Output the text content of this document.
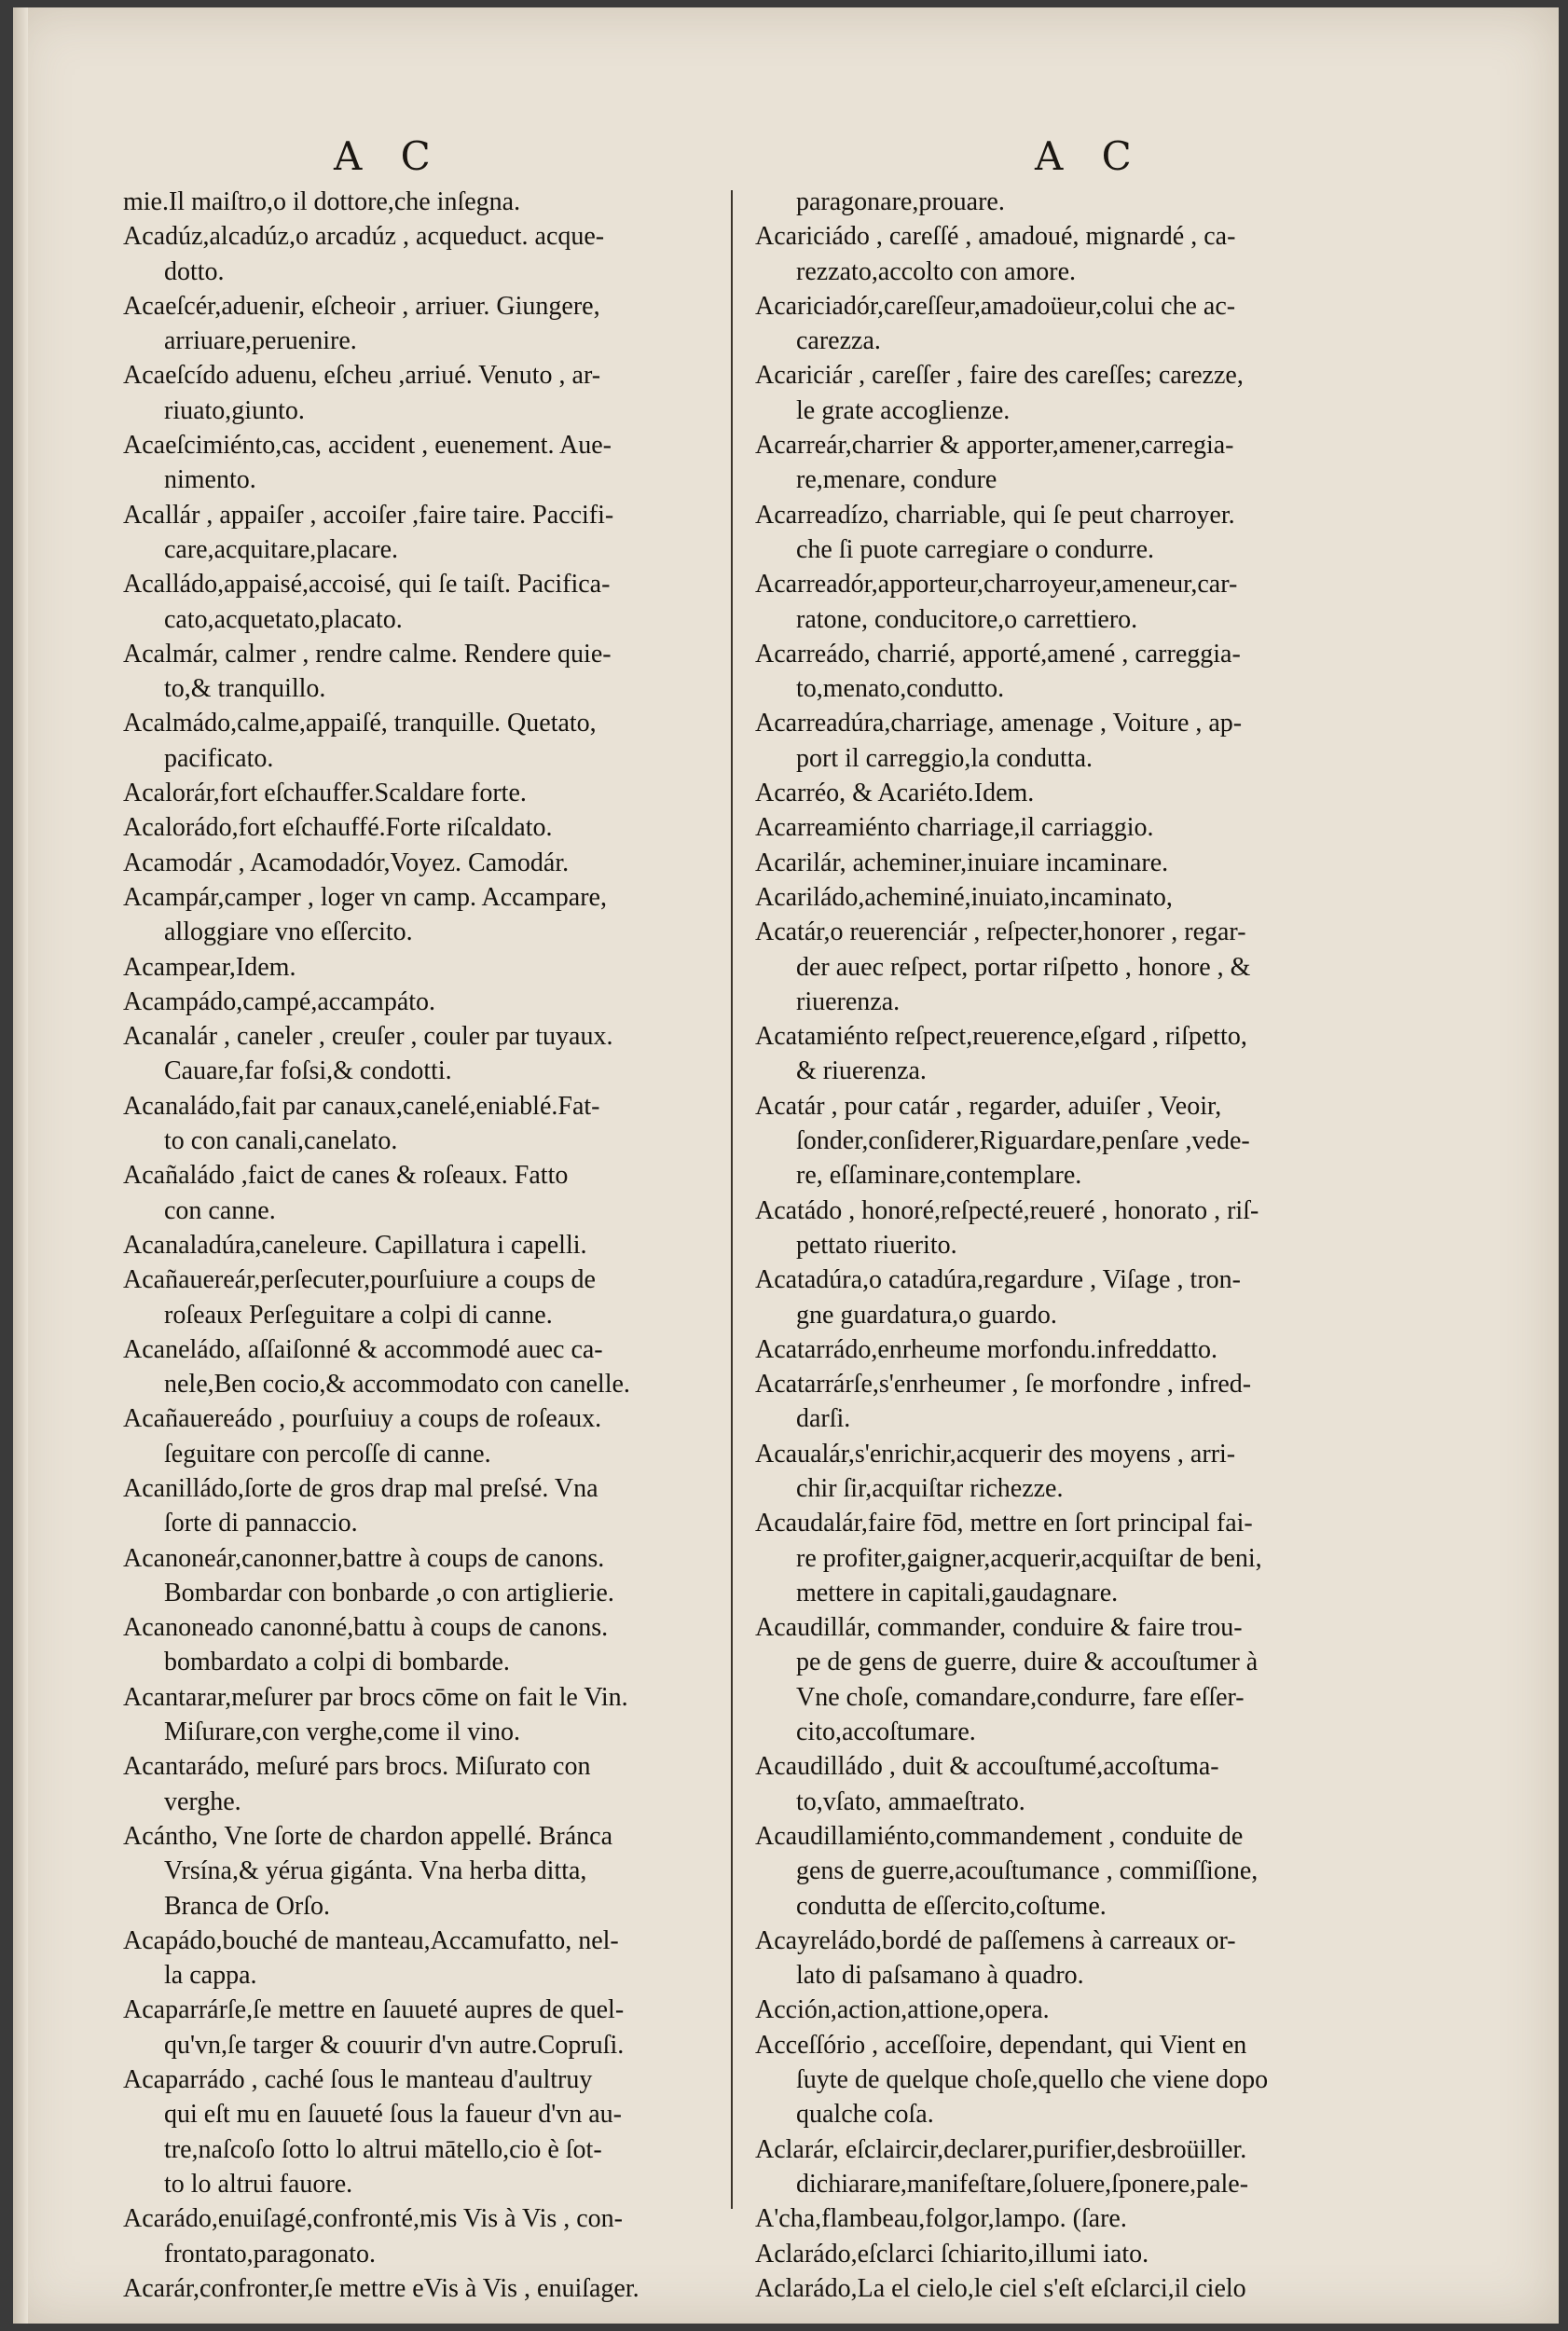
A C	A C
mie.Il maiſtro,o il dottore,che inſegna.
Acadúz,alcadúz,o arcadúz , acqueduct. acque-
dotto.
Acaeſcér,aduenir, eſcheoir , arriuer. Giungere,
arriuare,peruenire.
Acaeſcído aduenu, eſcheu ,arriué. Venuto , ar-
riuato,giunto.
Acaeſcimiénto,cas, accident , euenement. Aue-
nimento.
Acallár , appaiſer , accoiſer ,faire taire. Paccifi-
care,acquitare,placare.
Acalládo,appaisé,accoisé, qui ſe taiſt. Pacifica-
cato,acquetato,placato.
Acalmár, calmer , rendre calme. Rendere quie-
to,& tranquillo.
Acalmádo,calme,appaiſé, tranquille. Quetato,
pacificato.
Acalorár,fort eſchauffer.Scaldare forte.
Acalorádo,fort eſchauffé.Forte riſcaldato.
Acamodár , Acamodadór,Voyez. Camodár.
Acampár,camper , loger vn camp. Accampare,
alloggiare vno eſſercito.
Acampear,Idem.
Acampádo,campé,accampáto.
Acanalár , caneler , creuſer , couler par tuyaux.
Cauare,far foſsi,& condotti.
Acanaládo,fait par canaux,canelé,eniablé.Fat-
to con canali,canelato.
Acañaládo ,faict de canes & roſeaux. Fatto
con canne.
Acanaladúra,caneleure. Capillatura i capelli.
Acañauereár,perſecuter,pourſuiure a coups de
roſeaux Perſeguitare a colpi di canne.
Acaneládo, aſſaiſonné & accommodé auec ca-
nele,Ben cocio,& accommodato con canelle.
Acañauereádo , pourſuiuy a coups de roſeaux.
ſeguitare con percoſſe di canne.
Acanilládo,ſorte de gros drap mal preſsé. Vna
ſorte di pannaccio.
Acanoneár,canonner,battre à coups de canons.
Bombardar con bonbarde ,o con artiglierie.
Acanoneado canonné,battu à coups de canons.
bombardato a colpi di bombarde.
Acantarar,meſurer par brocs cōme on fait le Vin.
Miſurare,con verghe,come il vino.
Acantarádo, meſuré pars brocs. Miſurato con
verghe.
Acántho, Vne ſorte de chardon appellé. Bránca
Vrsína,& yérua gigánta. Vna herba ditta,
Branca de Orſo.
Acapádo,bouché de manteau,Accamufatto, nel-
la cappa.
Acaparrárſe,ſe mettre en ſauueté aupres de quel-
qu'vn,ſe targer & couurir d'vn autre.Copruſi.
Acaparrádo , caché ſous le manteau d'aultruy
qui eſt mu en ſauueté ſous la faueur d'vn au-
tre,naſcoſo ſotto lo altrui mātello,cio è ſot-
to lo altrui fauore.
Acarádo,enuiſagé,confronté,mis Vis à Vis , con-
frontato,paragonato.
Acarár,confronter,ſe mettre eVis à Vis , enuiſager.
paragonare,prouare.
Acariciádo , careſſé , amadoué, mignardé , ca-
rezzato,accolto con amore.
Acariciadór,careſſeur,amadoüeur,colui che ac-
carezza.
Acariciár , careſſer , faire des careſſes; carezze,
le grate accoglienze.
Acarreár,charrier & apporter,amener,carregia-
re,menare, condure
Acarreadízo, charriable, qui ſe peut charroyer.
che ſi puote carregiare o condurre.
Acarreadór,apporteur,charroyeur,ameneur,car-
ratone, conducitore,o carrettiero.
Acarreádo, charrié, apporté,amené , carreggia-
to,menato,condutto.
Acarreadúra,charriage, amenage , Voiture , ap-
port il carreggio,la condutta.
Acarréo, & Acariéto.Idem.
Acarreamiénto charriage,il carriaggio.
Acarilár, acheminer,inuiare incaminare.
Acariládo,acheminé,inuiato,incaminato,
Acatár,o reuerenciár , reſpecter,honorer , regar-
der auec reſpect, portar riſpetto , honore , &
riuerenza.
Acatamiénto reſpect,reuerence,eſgard , riſpetto,
& riuerenza.
Acatár , pour catár , regarder, aduiſer , Veoir,
ſonder,conſiderer,Riguardare,penſare ,vede-
re, eſſaminare,contemplare.
Acatádo , honoré,reſpecté,reueré , honorato , riſ-
pettato riuerito.
Acatadúra,o catadúra,regardure , Viſage , tron-
gne guardatura,o guardo.
Acatarrádo,enrheume morfondu.infreddatto.
Acatarrárſe,s'enrheumer , ſe morfondre , infred-
darſi.
Acaualár,s'enrichir,acquerir des moyens , arri-
chir ſir,acquiſtar richezze.
Acaudalár,faire fōd, mettre en ſort principal fai-
re profiter,gaigner,acquerir,acquiſtar de beni,
mettere in capitali,gaudagnare.
Acaudillár, commander, conduire & faire trou-
pe de gens de guerre, duire & accouſtumer à
Vne choſe, comandare,condurre, fare eſſer-
cito,accoſtumare.
Acaudilládo , duit & accouſtumé,accoſtuma-
to,vſato, ammaeſtrato.
Acaudillamiénto,commandement , conduite de
gens de guerre,acouſtumance , commiſſione,
condutta de eſſercito,coſtume.
Acayreládo,bordé de paſſemens à carreaux or-
lato di paſsamano à quadro.
Acción,action,attione,opera.
Acceſſório , acceſſoire, dependant, qui Vient en
ſuyte de quelque choſe,quello che viene dopo
qualche coſa.
Aclarár, eſclaircir,declarer,purifier,desbroüiller.
dichiarare,manifeſtare,ſoluere,ſponere,pale-
A'cha,flambeau,folgor,lampo. (ſare.
Aclarádo,eſclarci ſchiarito,illumi iato.
Aclarádo,La el cielo,le ciel s'eſt eſclarci,il cielo
